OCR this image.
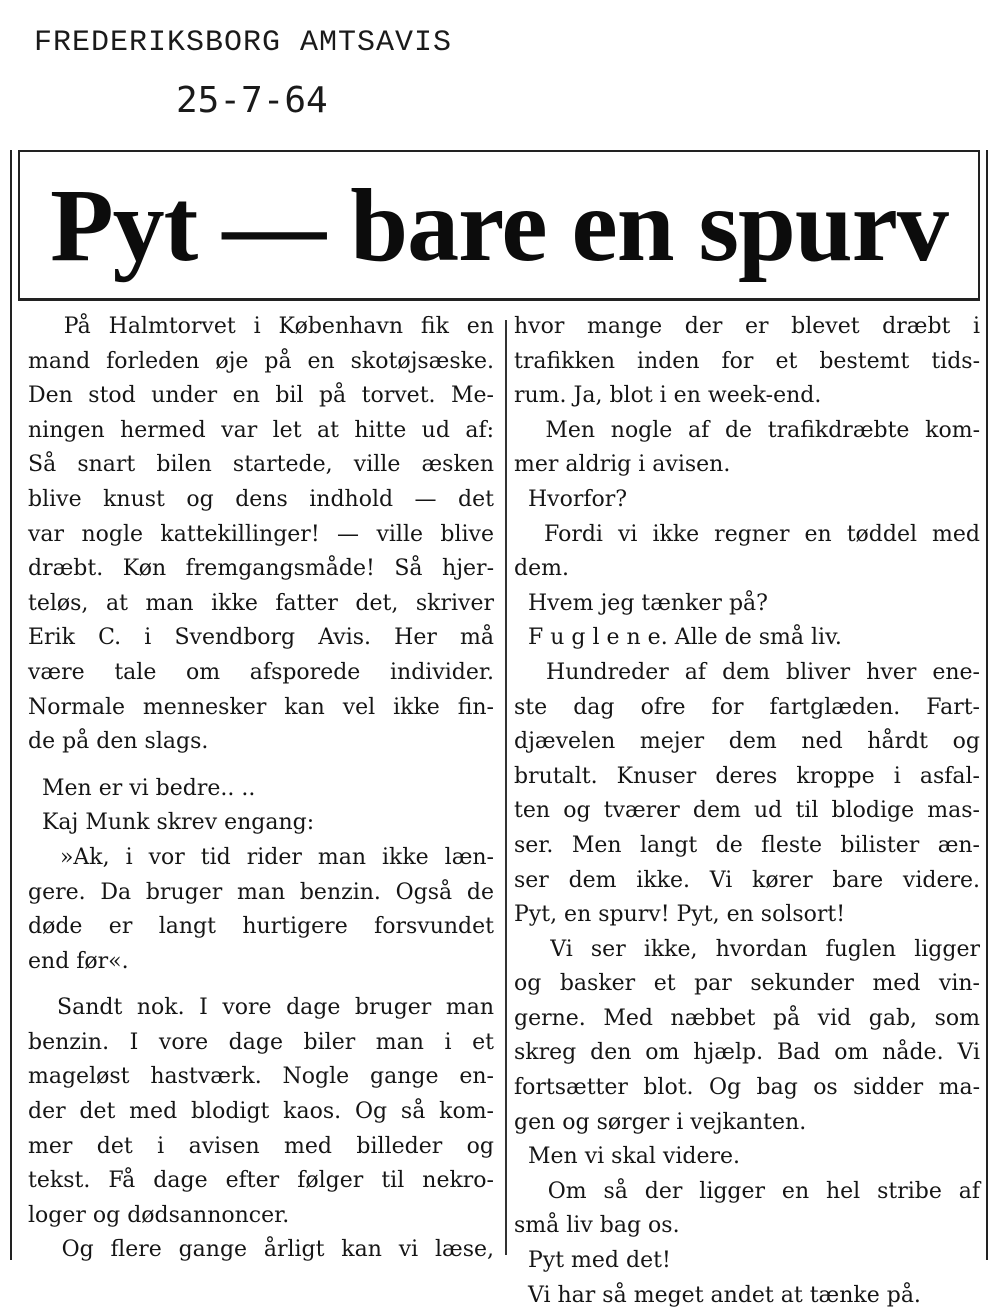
FREDERIKSBORG AMTSAVIS
25-7-64
Pyt — bare en spurv
På Halmtorvet i København fik en
mand forleden øje på en skotøjsæske.
Den stod under en bil på torvet. Me-
ningen hermed var let at hitte ud af:
Så snart bilen startede, ville æsken
blive knust og dens indhold — det
var nogle kattekillinger! — ville blive
dræbt. Køn fremgangsmåde! Så hjer-
teløs, at man ikke fatter det, skriver
Erik C. i Svendborg Avis. Her må
være tale om afsporede individer.
Normale mennesker kan vel ikke fin-
de på den slags.
Men er vi bedre.. ..
Kaj Munk skrev engang:
»Ak, i vor tid rider man ikke læn-
gere. Da bruger man benzin. Også de
døde er langt hurtigere forsvundet
end før«.
Sandt nok. I vore dage bruger man
benzin. I vore dage biler man i et
mageløst hastværk. Nogle gange en-
der det med blodigt kaos. Og så kom-
mer det i avisen med billeder og
tekst. Få dage efter følger til nekro-
loger og dødsannoncer.
Og flere gange årligt kan vi læse,
hvor mange der er blevet dræbt i
trafikken inden for et bestemt tids-
rum. Ja, blot i en week-end.
Men nogle af de trafikdræbte kom-
mer aldrig i avisen.
Hvorfor?
Fordi vi ikke regner en tøddel med
dem.
Hvem jeg tænker på?
F u g l e n e. Alle de små liv.
Hundreder af dem bliver hver ene-
ste dag ofre for fartglæden. Fart-
djævelen mejer dem ned hårdt og
brutalt. Knuser deres kroppe i asfal-
ten og tværer dem ud til blodige mas-
ser. Men langt de fleste bilister æn-
ser dem ikke. Vi kører bare videre.
Pyt, en spurv! Pyt, en solsort!
Vi ser ikke, hvordan fuglen ligger
og basker et par sekunder med vin-
gerne. Med næbbet på vid gab, som
skreg den om hjælp. Bad om nåde. Vi
fortsætter blot. Og bag os sidder ma-
gen og sørger i vejkanten.
Men vi skal videre.
Om så der ligger en hel stribe af
små liv bag os.
Pyt med det!
Vi har så meget andet at tænke på.
